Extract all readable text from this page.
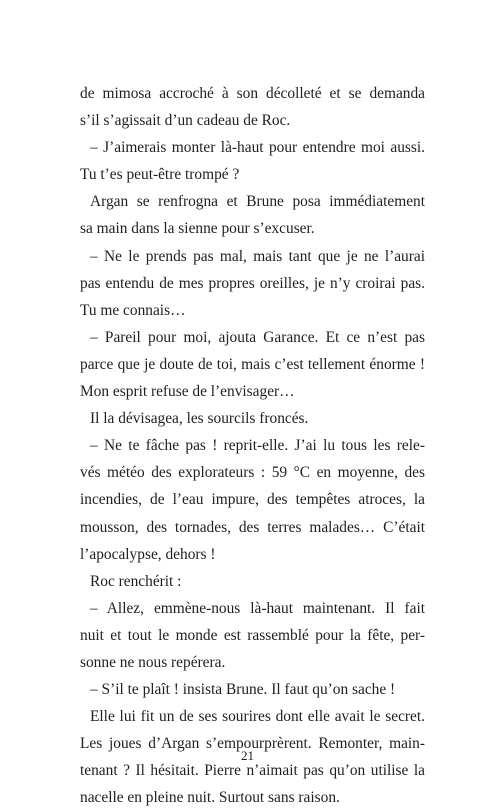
de mimosa accroché à son décolleté et se demanda
s’il s’agissait d’un cadeau de Roc.
– J’aimerais monter là-haut pour entendre moi aussi.
Tu t’es peut-être trompé ?
Argan se renfrogna et Brune posa immédiatement
sa main dans la sienne pour s’excuser.
– Ne le prends pas mal, mais tant que je ne l’aurai
pas entendu de mes propres oreilles, je n’y croirai pas.
Tu me connais…
– Pareil pour moi, ajouta Garance. Et ce n’est pas
parce que je doute de toi, mais c’est tellement énorme !
Mon esprit refuse de l’envisager…
Il la dévisagea, les sourcils froncés.
– Ne te fâche pas ! reprit-elle. J’ai lu tous les rele-
vés météo des explorateurs : 59 °C en moyenne, des
incendies, de l’eau impure, des tempêtes atroces, la
mousson, des tornades, des terres malades… C’était
l’apocalypse, dehors !
Roc renchérit :
– Allez, emmène-nous là-haut maintenant. Il fait
nuit et tout le monde est rassemblé pour la fête, per-
sonne ne nous repérera.
– S’il te plaît ! insista Brune. Il faut qu’on sache !
Elle lui fit un de ses sourires dont elle avait le secret.
Les joues d’Argan s’empourprèrent. Remonter, main-
tenant ? Il hésitait. Pierre n’aimait pas qu’on utilise la
nacelle en pleine nuit. Surtout sans raison.
21
